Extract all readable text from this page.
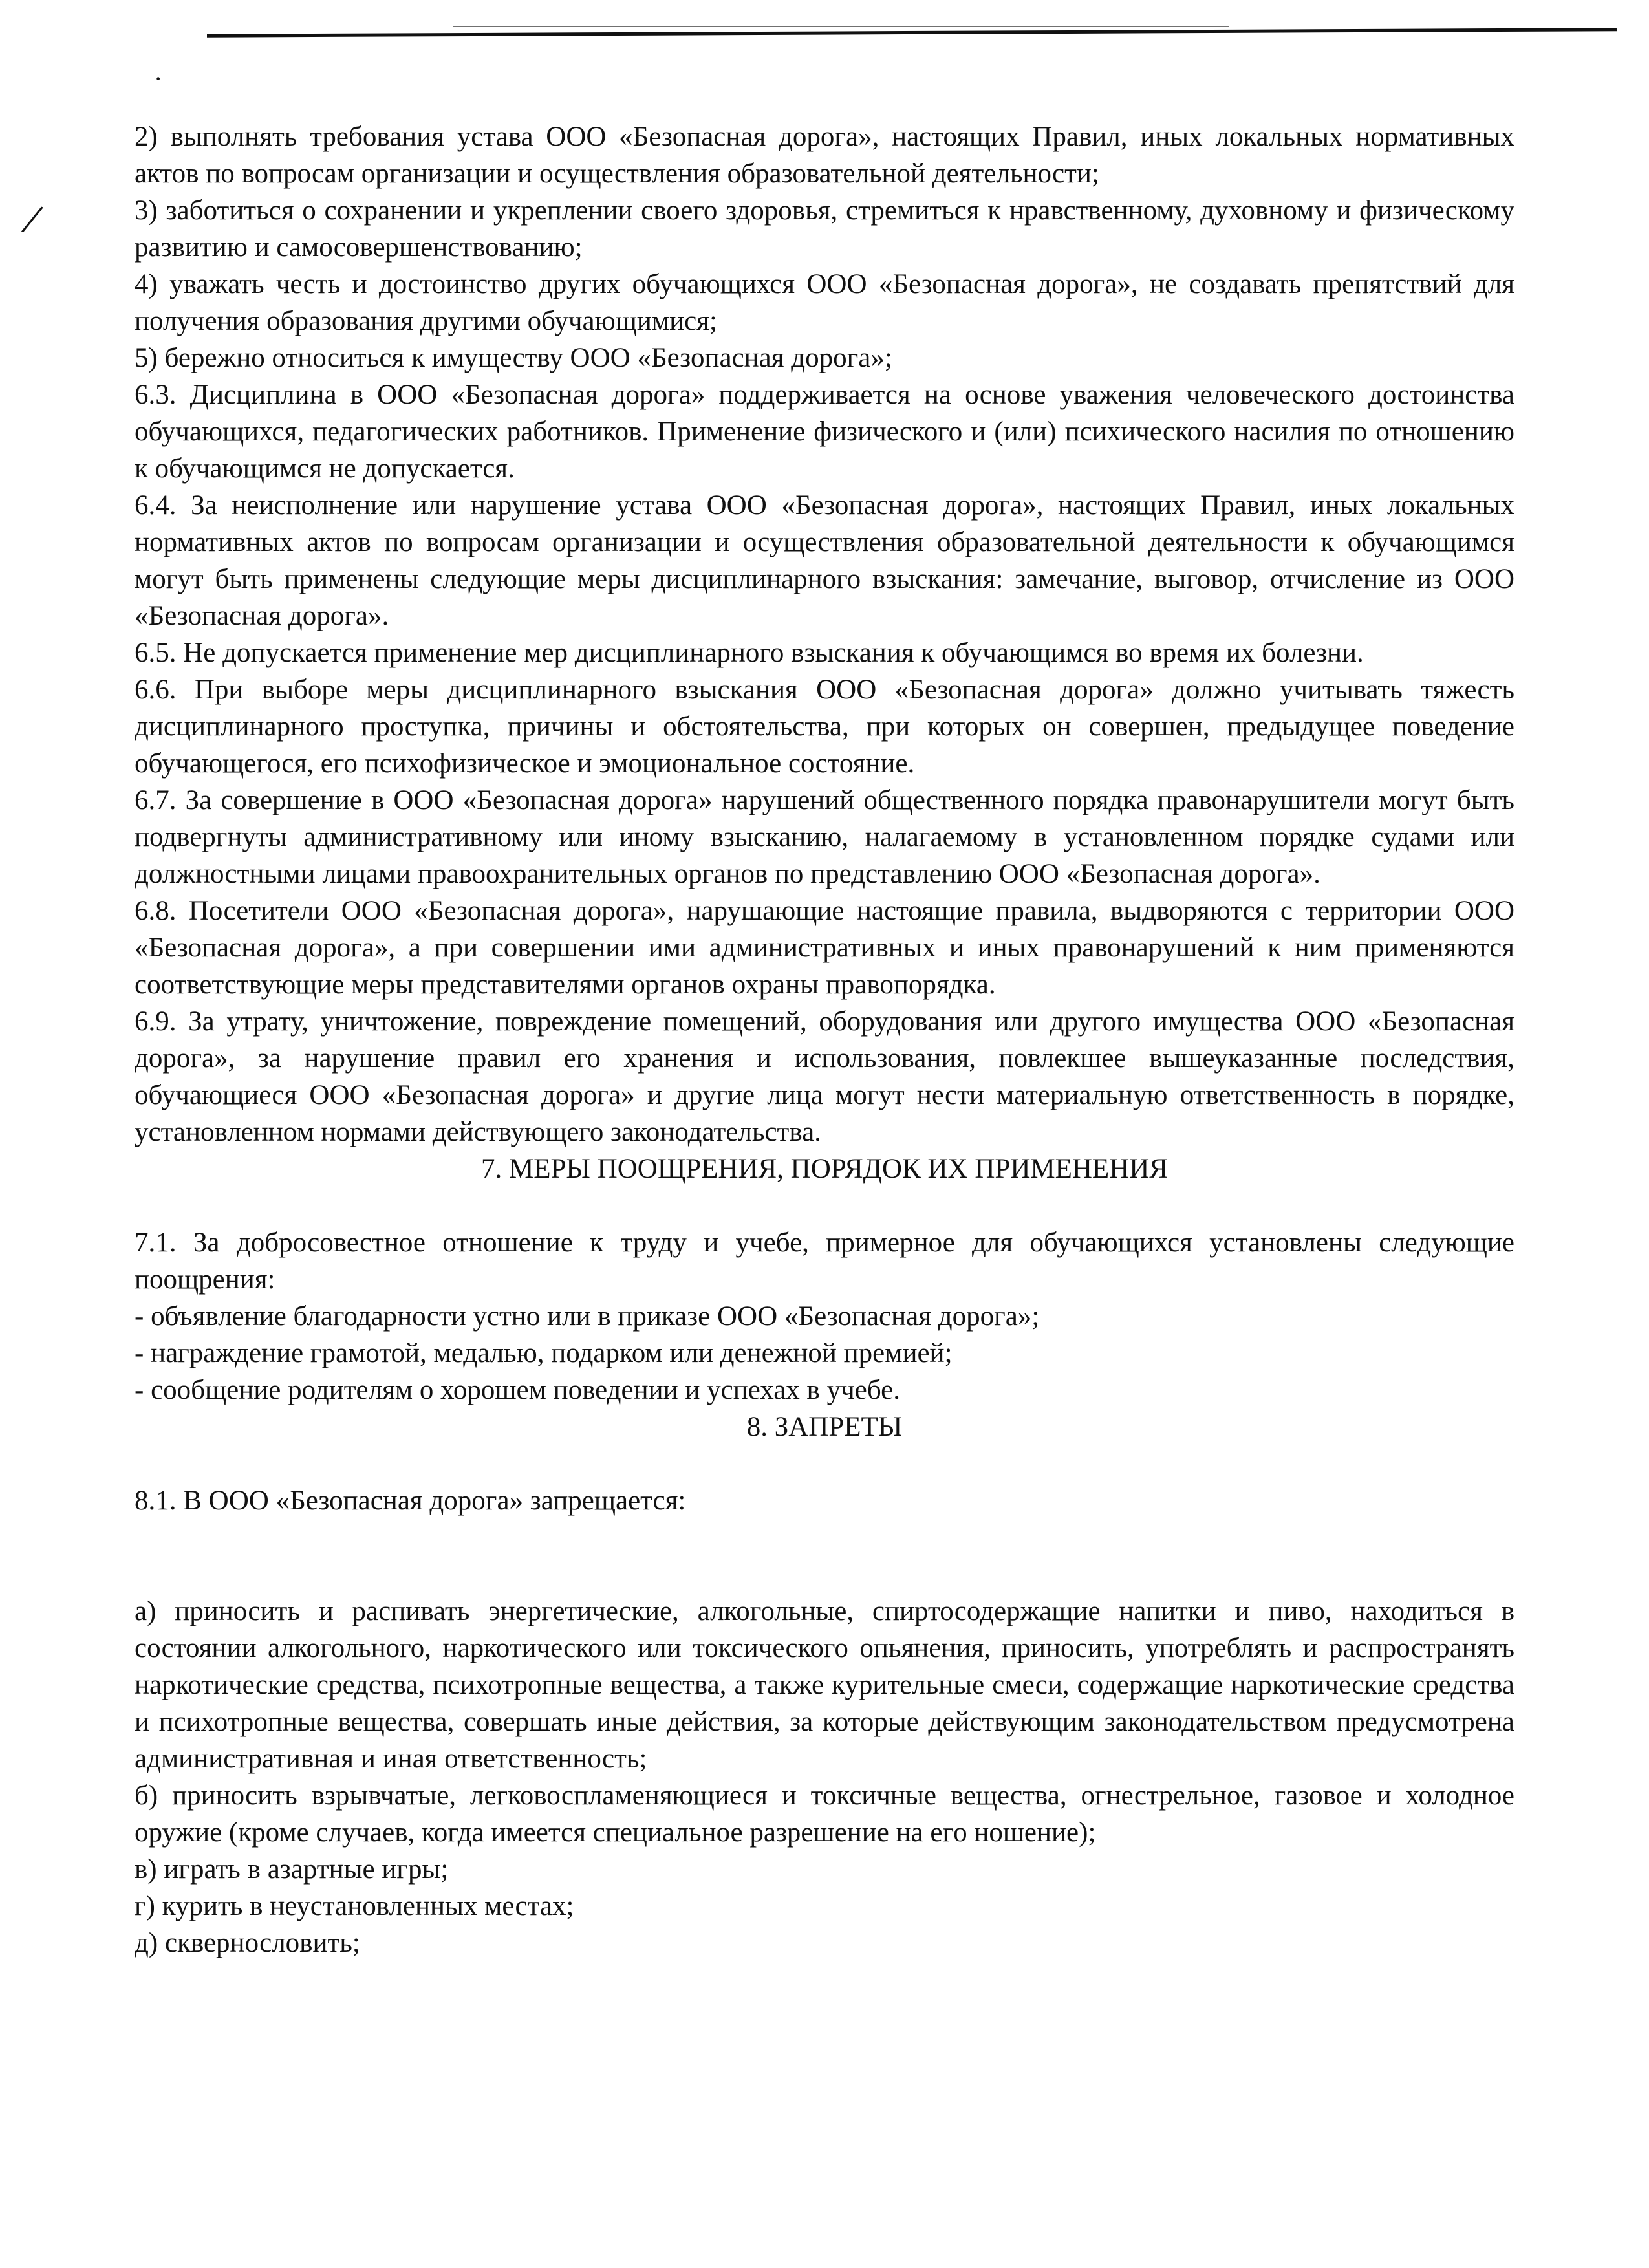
·
/

2) выполнять требования устава ООО «Безопасная дорога», настоящих Правил, иных локальных нормативных актов по вопросам организации и осуществления образовательной деятельности;

3) заботиться о сохранении и укреплении своего здоровья, стремиться к нравственному, духовному и физическому развитию и самосовершенствованию;

4) уважать честь и достоинство других обучающихся ООО «Безопасная дорога», не создавать препятствий для получения образования другими обучающимися;

5) бережно относиться к имуществу ООО «Безопасная дорога»;

6.3. Дисциплина в ООО «Безопасная дорога» поддерживается на основе уважения человеческого достоинства обучающихся, педагогических работников. Применение физического и (или) психического насилия по отношению к обучающимся не допускается.

6.4. За неисполнение или нарушение устава ООО «Безопасная дорога», настоящих Правил, иных локальных нормативных актов по вопросам организации и осуществления образовательной деятельности к обучающимся могут быть применены следующие меры дисциплинарного взыскания: замечание, выговор, отчисление из ООО «Безопасная дорога».

6.5. Не допускается применение мер дисциплинарного взыскания к обучающимся во время их болезни.

6.6. При выборе меры дисциплинарного взыскания ООО «Безопасная дорога» должно учитывать тяжесть дисциплинарного проступка, причины и обстоятельства, при которых он совершен, предыдущее поведение обучающегося, его психофизическое и эмоциональное состояние.

6.7. За совершение в ООО «Безопасная дорога» нарушений общественного порядка правонарушители могут быть подвергнуты административному или иному взысканию, налагаемому в установленном порядке судами или должностными лицами правоохранительных органов по представлению ООО «Безопасная дорога».

6.8. Посетители ООО «Безопасная дорога», нарушающие настоящие правила, выдворяются с территории ООО «Безопасная дорога», а при совершении ими административных и иных правонарушений к ним применяются соответствующие меры представителями органов охраны правопорядка.

6.9. За утрату, уничтожение, повреждение помещений, оборудования или другого имущества ООО «Безопасная дорога», за нарушение правил его хранения и использования, повлекшее вышеуказанные последствия, обучающиеся ООО «Безопасная дорога» и другие лица могут нести материальную ответственность в порядке, установленном нормами действующего законодательства.

7. МЕРЫ ПООЩРЕНИЯ, ПОРЯДОК ИХ ПРИМЕНЕНИЯ

7.1. За добросовестное отношение к труду и учебе, примерное для обучающихся установлены следующие поощрения:

- объявление благодарности устно или в приказе ООО «Безопасная дорога»;

- награждение грамотой, медалью, подарком или денежной премией;

- сообщение родителям о хорошем поведении и успехах в учебе.

8. ЗАПРЕТЫ

8.1. В ООО «Безопасная дорога» запрещается:

а) приносить и распивать энергетические, алкогольные, спиртосодержащие напитки и пиво, находиться в состоянии алкогольного, наркотического или токсического опьянения, приносить, употреблять и распространять наркотические средства, психотропные вещества, а также курительные смеси, содержащие наркотические средства и психотропные вещества, совершать иные действия, за которые действующим законодательством предусмотрена административная и иная ответственность;

б) приносить взрывчатые, легковоспламеняющиеся и токсичные вещества, огнестрельное, газовое и холодное оружие (кроме случаев, когда имеется специальное разрешение на его ношение);

в) играть в азартные игры;

г) курить в неустановленных местах;

д) сквернословить;
